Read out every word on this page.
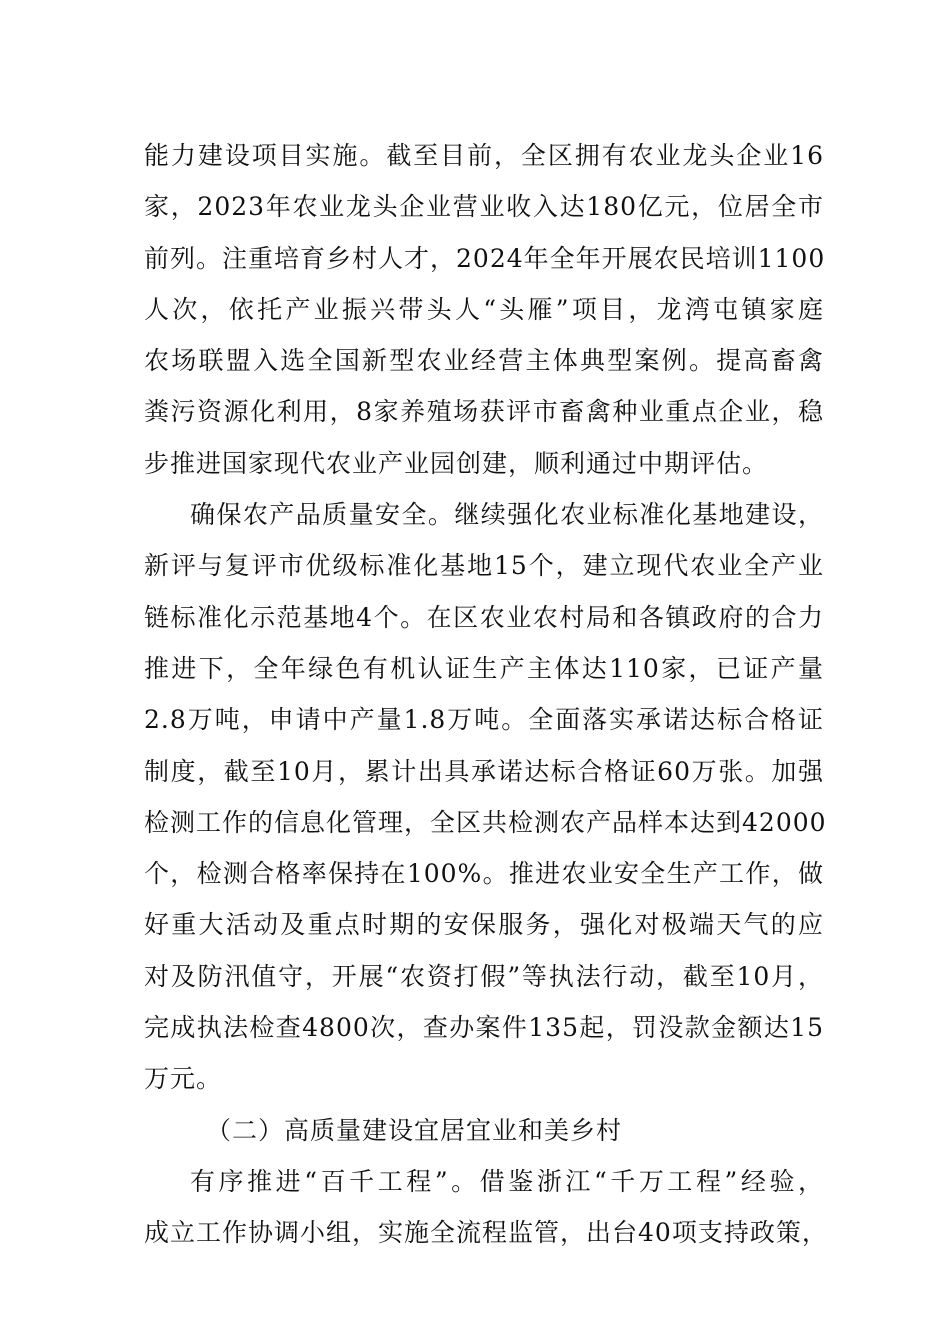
能力建设项目实施。截至目前，全区拥有农业龙头企业16
家，2023年农业龙头企业营业收入达180亿元，位居全市
前列。注重培育乡村人才，2024年全年开展农民培训1100
人次，依托产业振兴带头人“头雁”项目，龙湾屯镇家庭
农场联盟入选全国新型农业经营主体典型案例。提高畜禽
粪污资源化利用，8家养殖场获评市畜禽种业重点企业，稳
步推进国家现代农业产业园创建，顺利通过中期评估。
确保农产品质量安全。继续强化农业标准化基地建设，
新评与复评市优级标准化基地15个，建立现代农业全产业
链标准化示范基地4个。在区农业农村局和各镇政府的合力
推进下，全年绿色有机认证生产主体达110家，已证产量
2.8万吨，申请中产量1.8万吨。全面落实承诺达标合格证
制度，截至10月，累计出具承诺达标合格证60万张。加强
检测工作的信息化管理，全区共检测农产品样本达到42000
个，检测合格率保持在100%。推进农业安全生产工作，做
好重大活动及重点时期的安保服务，强化对极端天气的应
对及防汛值守，开展“农资打假”等执法行动，截至10月，
完成执法检查4800次，查办案件135起，罚没款金额达15
万元。
（二）高质量建设宜居宜业和美乡村
有序推进“百千工程”。借鉴浙江“千万工程”经验，
成立工作协调小组，实施全流程监管，出台40项支持政策，
